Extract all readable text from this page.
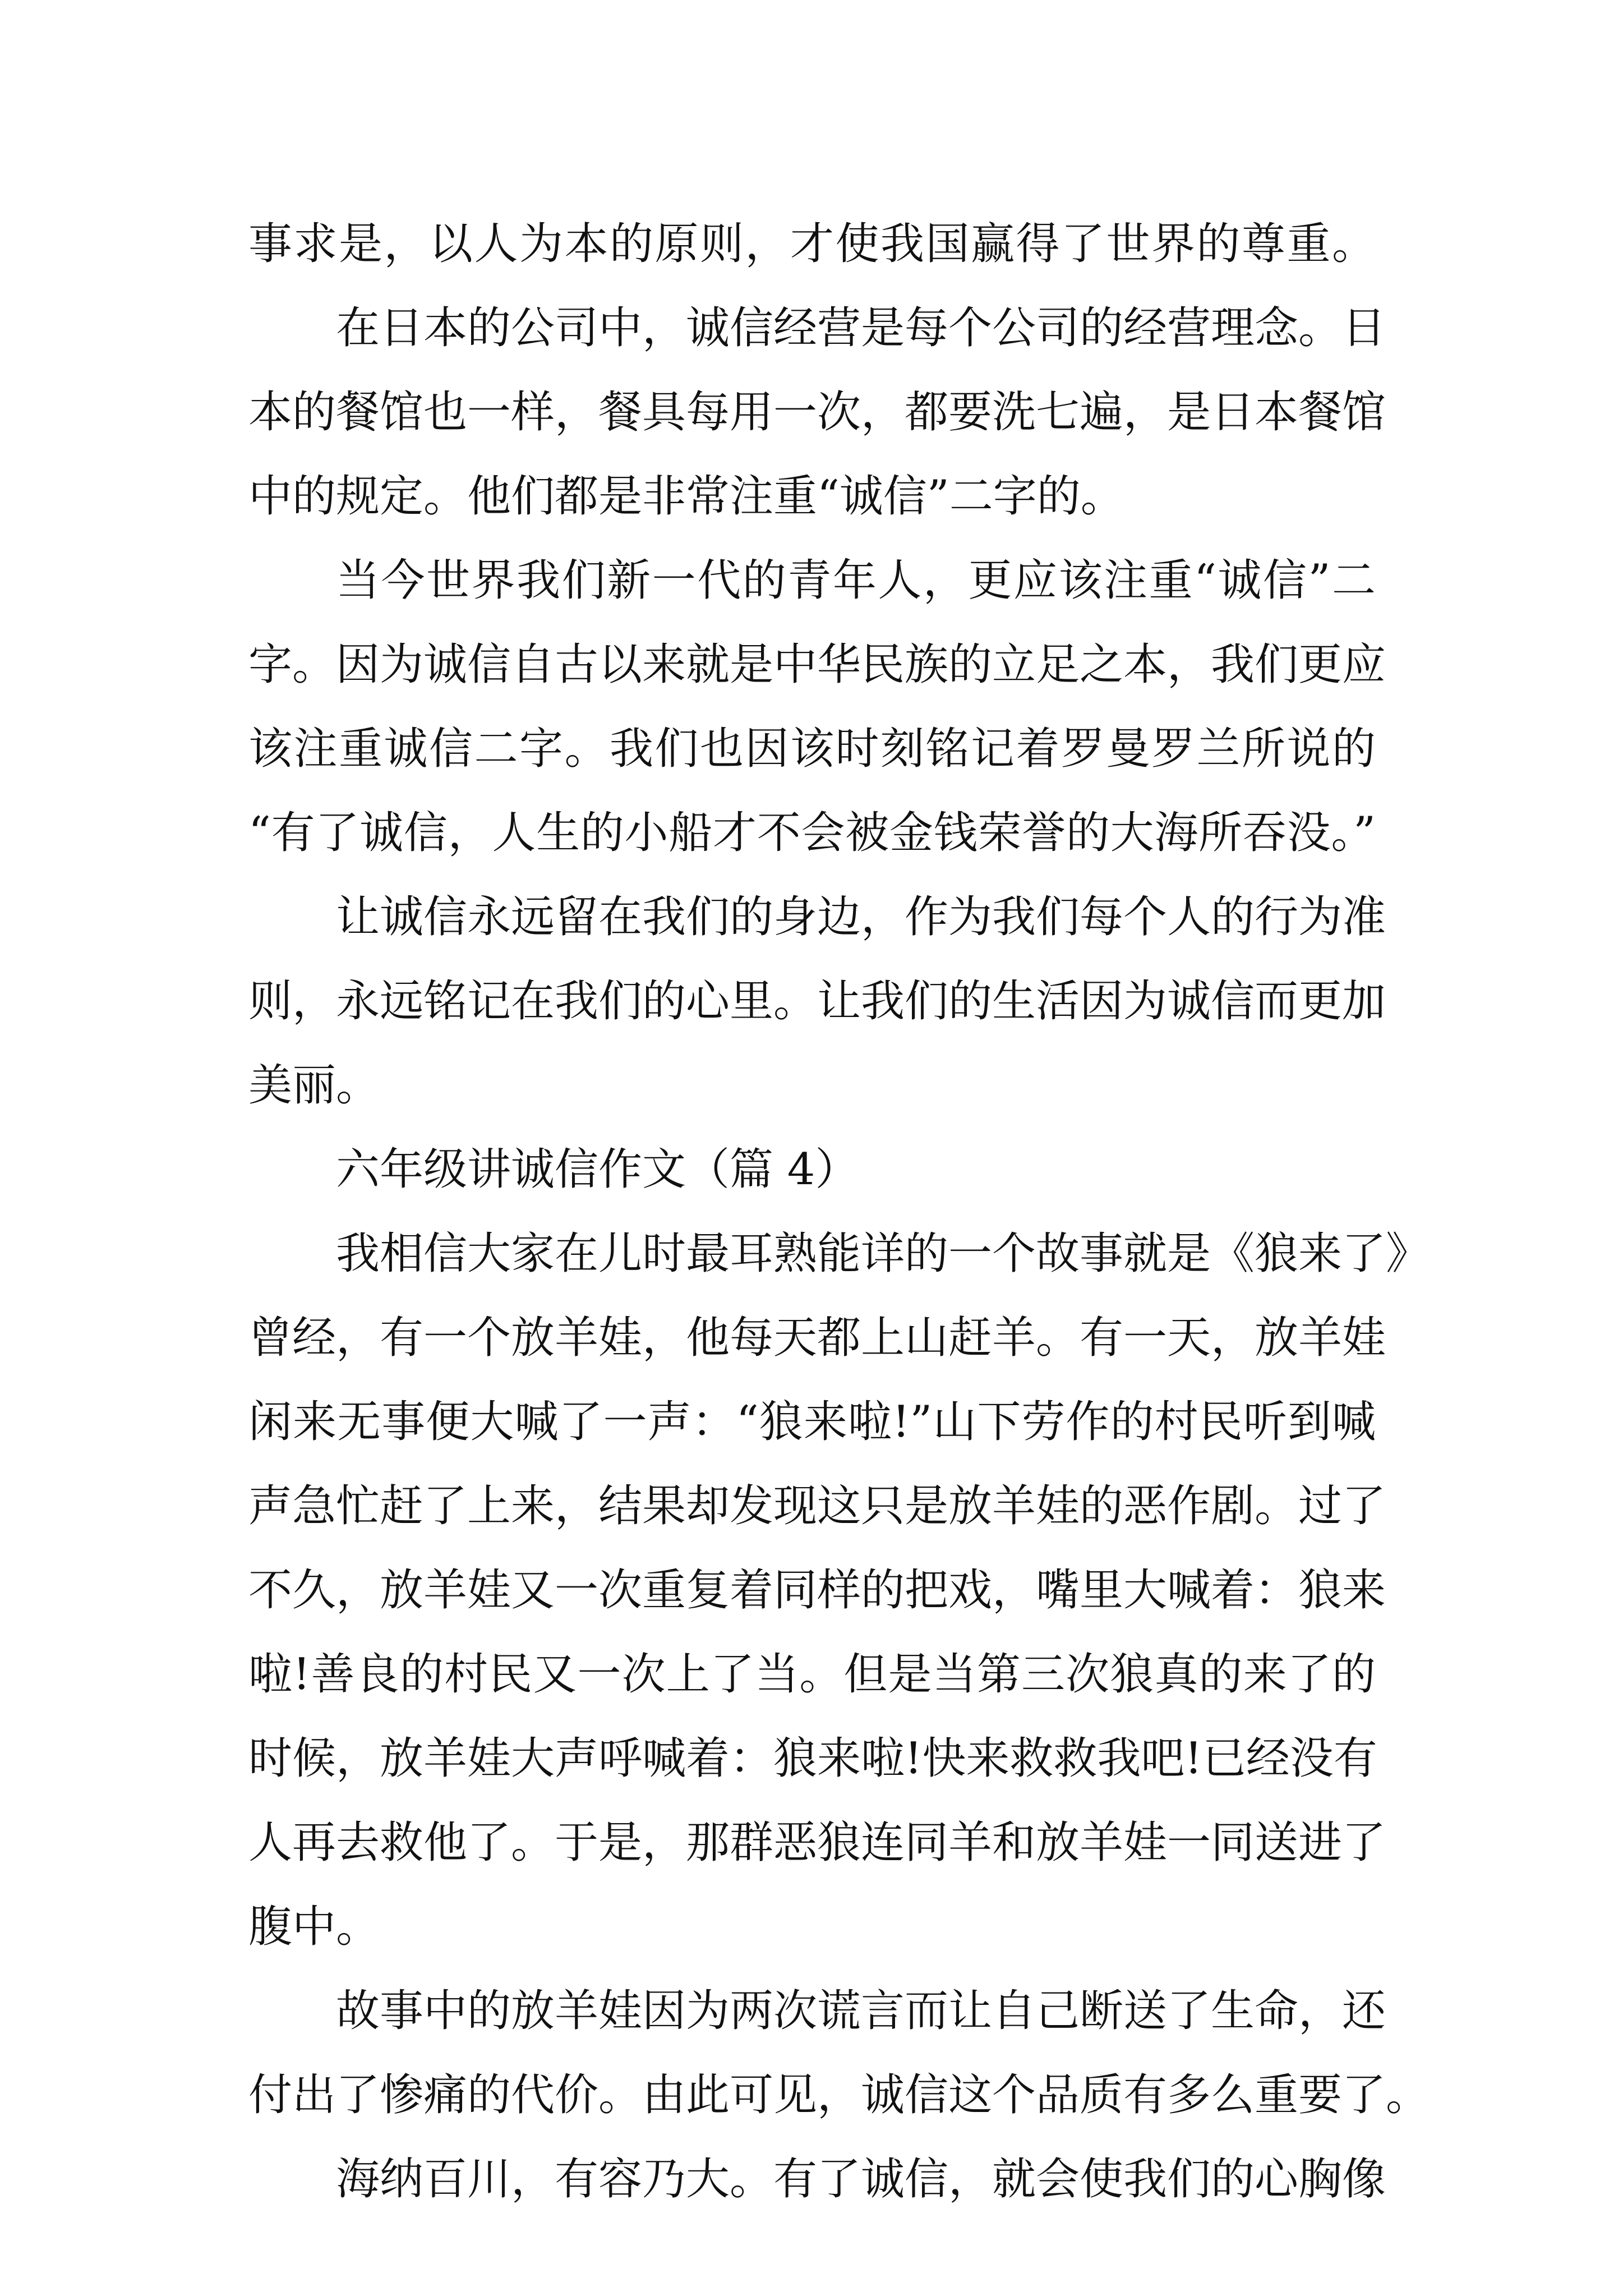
事求是，以人为本的原则，才使我国赢得了世界的尊重。
在日本的公司中，诚信经营是每个公司的经营理念。日
本的餐馆也一样，餐具每用一次，都要洗七遍，是日本餐馆
中的规定。他们都是非常注重“诚信”二字的。
当今世界我们新一代的青年人，更应该注重“诚信”二
字。因为诚信自古以来就是中华民族的立足之本，我们更应
该注重诚信二字。我们也因该时刻铭记着罗曼罗兰所说的
“有了诚信，人生的小船才不会被金钱荣誉的大海所吞没。”
让诚信永远留在我们的身边，作为我们每个人的行为准
则，永远铭记在我们的心里。让我们的生活因为诚信而更加
美丽。
六年级讲诚信作文（篇 4）
我相信大家在儿时最耳熟能详的一个故事就是《狼来了》
曾经，有一个放羊娃，他每天都上山赶羊。有一天，放羊娃
闲来无事便大喊了一声：“狼来啦!”山下劳作的村民听到喊
声急忙赶了上来，结果却发现这只是放羊娃的恶作剧。过了
不久，放羊娃又一次重复着同样的把戏，嘴里大喊着：狼来
啦!善良的村民又一次上了当。但是当第三次狼真的来了的
时候，放羊娃大声呼喊着：狼来啦!快来救救我吧!已经没有
人再去救他了。于是，那群恶狼连同羊和放羊娃一同送进了
腹中。
故事中的放羊娃因为两次谎言而让自己断送了生命，还
付出了惨痛的代价。由此可见，诚信这个品质有多么重要了。
海纳百川，有容乃大。有了诚信，就会使我们的心胸像
